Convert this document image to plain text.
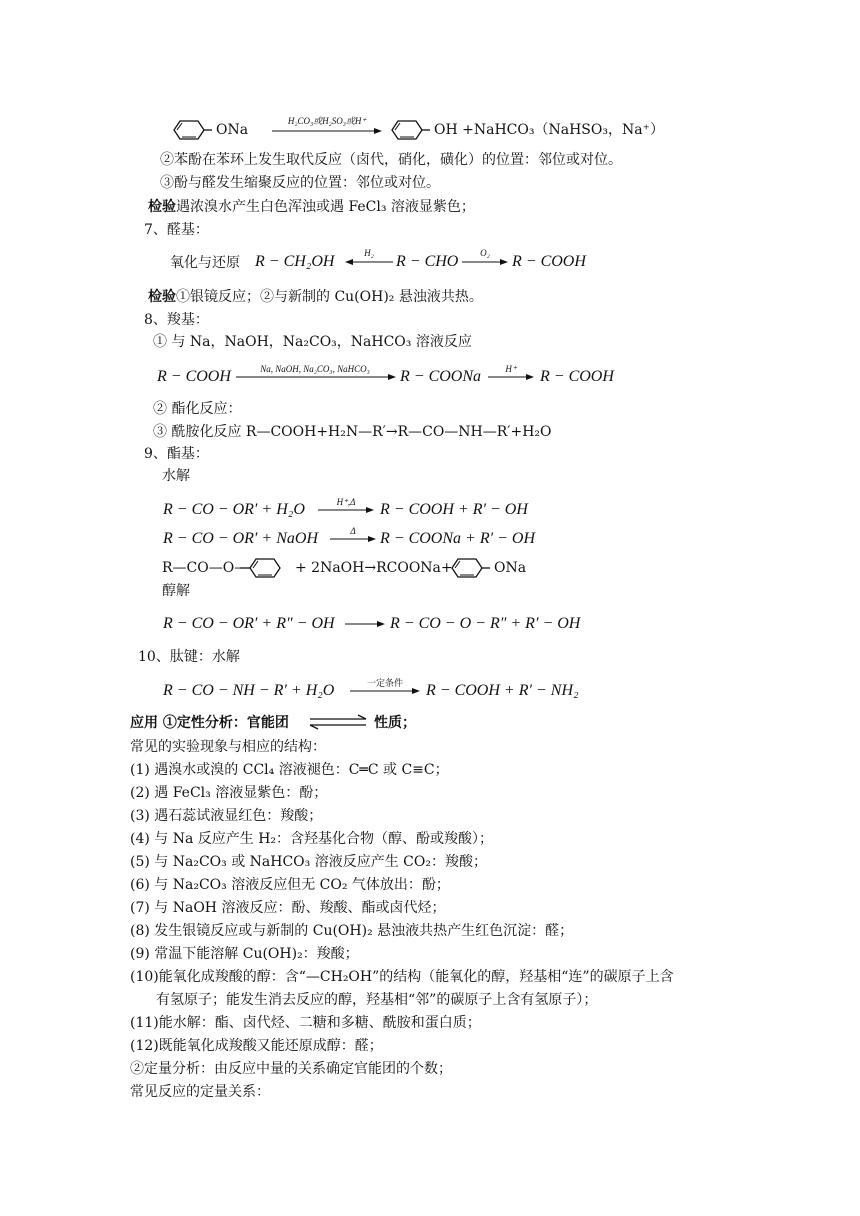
ONa
H₂CO₃或H₂SO₃或H⁺
OH +NaHCO₃（NaHSO₃，Na⁺）
②苯酚在苯环上发生取代反应（卤代，硝化，磺化）的位置：邻位或对位。
③酚与醛发生缩聚反应的位置：邻位或对位。
检验遇浓溴水产生白色浑浊或遇 FeCl₃ 溶液显紫色；
7、醛基：
氧化与还原 R − CH₂OH	H₂	R − CHO	O₂ → R − COOH
检验①银镜反应；②与新制的 Cu(OH)₂ 悬浊液共热。
8、羧基：
① 与 Na，NaOH，Na₂CO₃，NaHCO₃ 溶液反应
R − COOH	Na, NaOH, Na₂CO₃, NaHCO₃	R − COONa	H⁺ → R − COOH
② 酯化反应：
③ 酰胺化反应 R—COOH+H₂N—R′→R—CO—NH—R′+H₂O
9、酯基：
水解
R − CO − OR′ + H₂O	H⁺,Δ → R − COOH + R′ − OH
R − CO − OR′ + NaOH	Δ → R − COONa + R′ − OH
R—CO—O—	+ 2NaOH→RCOONa+	ONa
醇解
R − CO − OR′ + R″ − OH → R − CO − O − R″ + R′ − OH
10、肽键：水解
R − CO − NH − R′ + H₂O	一定条件	R − COOH + R′ − NH₂
应用 ①定性分析：官能团 ⇌ 性质；
常见的实验现象与相应的结构：
(1) 遇溴水或溴的 CCl₄ 溶液褪色：C═C 或 C≡C；
(2) 遇 FeCl₃ 溶液显紫色：酚；
(3) 遇石蕊试液显红色：羧酸；
(4) 与 Na 反应产生 H₂：含羟基化合物（醇、酚或羧酸）；
(5) 与 Na₂CO₃ 或 NaHCO₃ 溶液反应产生 CO₂：羧酸；
(6) 与 Na₂CO₃ 溶液反应但无 CO₂ 气体放出：酚；
(7) 与 NaOH 溶液反应：酚、羧酸、酯或卤代烃；
(8) 发生银镜反应或与新制的 Cu(OH)₂ 悬浊液共热产生红色沉淀：醛；
(9) 常温下能溶解 Cu(OH)₂：羧酸；
(10)能氧化成羧酸的醇：含“—CH₂OH”的结构（能氧化的醇，羟基相“连”的碳原子上含
有氢原子；能发生消去反应的醇，羟基相“邻”的碳原子上含有氢原子）；
(11)能水解：酯、卤代烃、二糖和多糖、酰胺和蛋白质；
(12)既能氧化成羧酸又能还原成醇：醛；
②定量分析：由反应中量的关系确定官能团的个数；
常见反应的定量关系：
